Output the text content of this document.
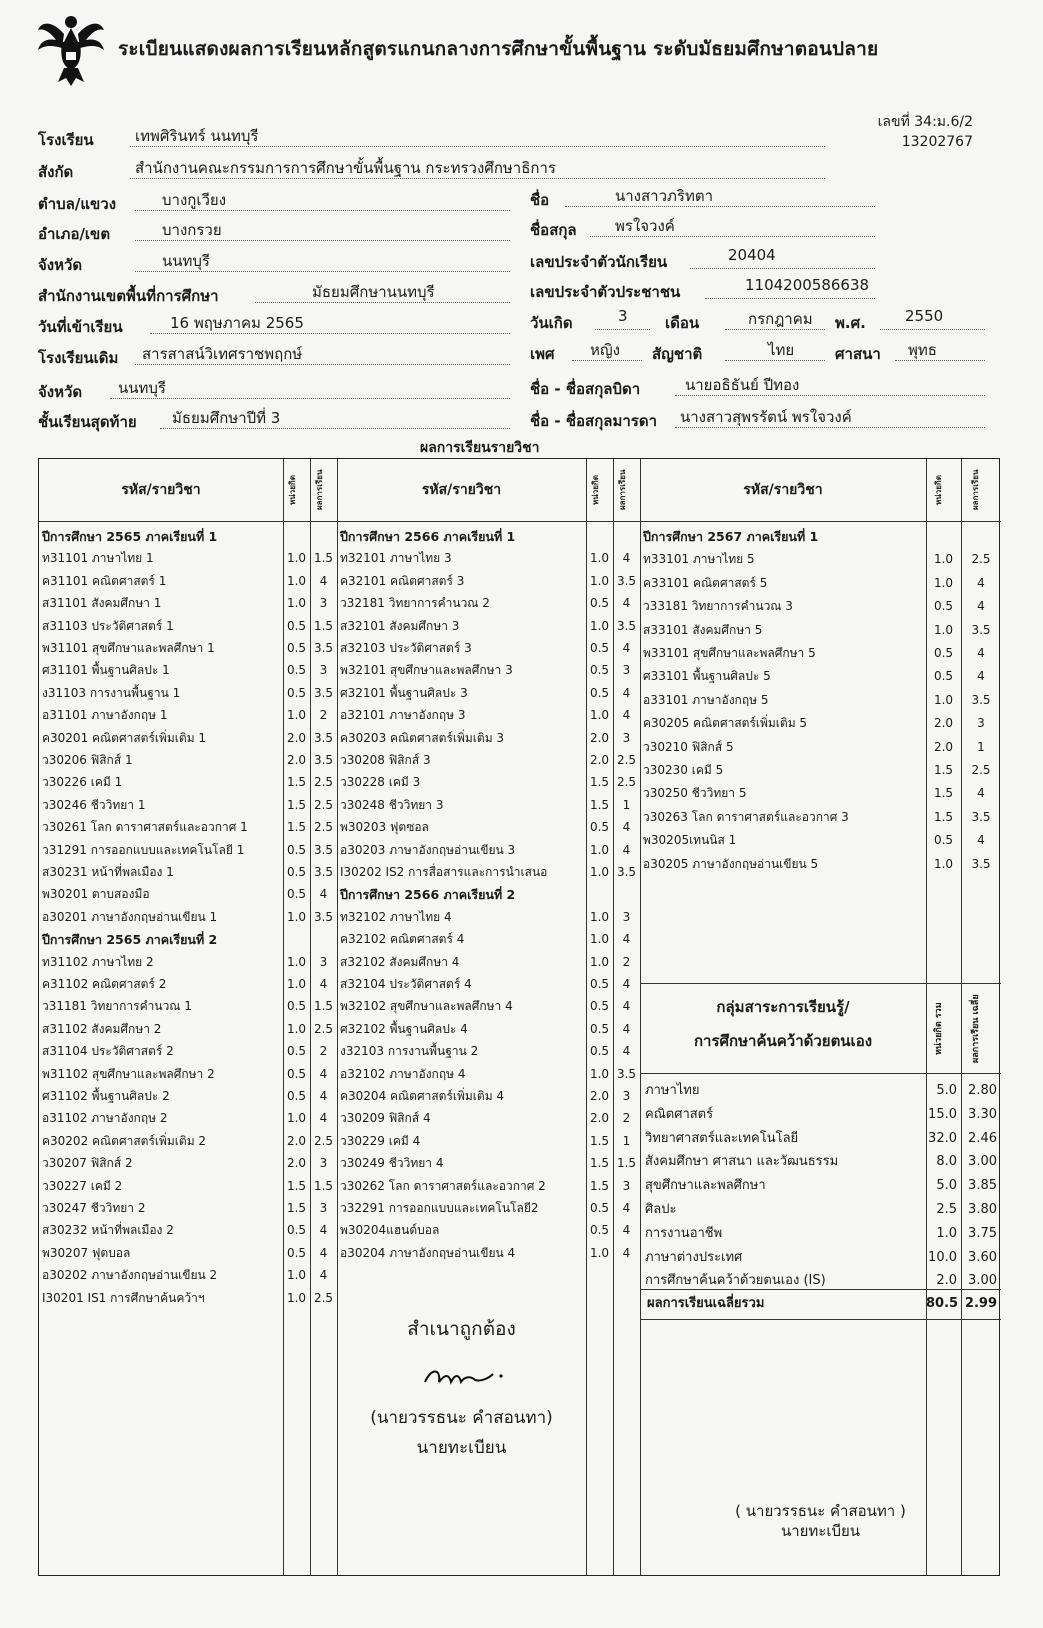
ระเบียนแสดงผลการเรียนหลักสูตรแกนกลางการศึกษาขั้นพื้นฐาน ระดับมัธยมศึกษาตอนปลาย
เลขที่ 34:ม.6/2
13202767
โรงเรียน	เทพศิรินทร์ นนทบุรี
สังกัด	สำนักงานคณะกรรมการการศึกษาขั้นพื้นฐาน กระทรวงศึกษาธิการ
ตำบล/แขวง	บางกูเวียง
อำเภอ/เขต	บางกรวย
จังหวัด	นนทบุรี
สำนักงานเขตพื้นที่การศึกษา	มัธยมศึกษานนทบุรี
วันที่เข้าเรียน	16 พฤษภาคม 2565
โรงเรียนเดิม สารสาสน์วิเทศราชพฤกษ์
จังหวัด นนทบุรี
ชั้นเรียนสุดท้าย มัธยมศึกษาปีที่ 3
ชื่อ	นางสาวภริทตา
ชื่อสกุล	พรใจวงค์
เลขประจำตัวนักเรียน	20404
เลขประจำตัวประชาชน	1104200586638
วันเกิด	3 เดือน	กรกฎาคม พ.ศ.	2550
เพศ หญิง สัญชาติ	ไทย	ศาสนา พุทธ
ชื่อ - ชื่อสกุลบิดา	นายอธิธันย์ ปีทอง
ชื่อ - ชื่อสกุลมารดา นางสาวสุพรรัตน์ พรใจวงค์
ผลการเรียนรายวิชา
รหัส/รายวิชา	หน่วยกิต	ผลการเรียน	รหัส/รายวิชา	หน่วยกิต	ผลการเรียน	รหัส/รายวิชา	หน่วยกิต	ผลการเรียน
ปีการศึกษา 2565 ภาคเรียนที่ 1
ท31101 ภาษาไทย 1	1.0 1.5
ค31101 คณิตศาสตร์ 1	1.0	4
ส31101 สังคมศึกษา 1	1.0	3
ส31103 ประวัติศาสตร์ 1	0.5 1.5
พ31101 สุขศึกษาและพลศึกษา 1	0.5 3.5
ศ31101 พื้นฐานศิลปะ 1	0.5	3
ง31103 การงานพื้นฐาน 1	0.5 3.5
อ31101 ภาษาอังกฤษ 1	1.0	2
ค30201 คณิตศาสตร์เพิ่มเติม 1	2.0 3.5
ว30206 ฟิสิกส์ 1	2.0 3.5
ว30226 เคมี 1	1.5 2.5
ว30246 ชีววิทยา 1	1.5 2.5
ว30261 โลก ดาราศาสตร์และอวกาศ 1	1.5 2.5
ว31291 การออกแบบและเทคโนโลยี 1	0.5 3.5
ส30231 หน้าที่พลเมือง 1	0.5 3.5
พ30201 ตาบสองมือ	0.5	4
อ30201 ภาษาอังกฤษอ่านเขียน 1	1.0 3.5
ปีการศึกษา 2565 ภาคเรียนที่ 2
ท31102 ภาษาไทย 2	1.0	3
ค31102 คณิตศาสตร์ 2	1.0	4
ว31181 วิทยาการคำนวณ 1	0.5 1.5
ส31102 สังคมศึกษา 2	1.0 2.5
ส31104 ประวัติศาสตร์ 2	0.5	2
พ31102 สุขศึกษาและพลศึกษา 2	0.5	4
ศ31102 พื้นฐานศิลปะ 2	0.5	4
อ31102 ภาษาอังกฤษ 2	1.0	4
ค30202 คณิตศาสตร์เพิ่มเติม 2	2.0 2.5
ว30207 ฟิสิกส์ 2	2.0	3
ว30227 เคมี 2	1.5 1.5
ว30247 ชีววิทยา 2	1.5	3
ส30232 หน้าที่พลเมือง 2	0.5	4
พ30207 ฟุตบอล	0.5	4
อ30202 ภาษาอังกฤษอ่านเขียน 2	1.0	4
I30201 IS1 การศึกษาค้นคว้าฯ	1.0 2.5
ปีการศึกษา 2566 ภาคเรียนที่ 1
ท32101 ภาษาไทย 3	1.0	4
ค32101 คณิตศาสตร์ 3	1.0 3.5
ว32181 วิทยาการคำนวณ 2	0.5	4
ส32101 สังคมศึกษา 3	1.0 3.5
ส32103 ประวัติศาสตร์ 3	0.5	4
พ32101 สุขศึกษาและพลศึกษา 3	0.5	3
ศ32101 พื้นฐานศิลปะ 3	0.5	4
อ32101 ภาษาอังกฤษ 3	1.0	4
ค30203 คณิตศาสตร์เพิ่มเติม 3	2.0	3
ว30208 ฟิสิกส์ 3	2.0 2.5
ว30228 เคมี 3	1.5 2.5
ว30248 ชีววิทยา 3	1.5	1
พ30203 ฟุตซอล	0.5	4
อ30203 ภาษาอังกฤษอ่านเขียน 3	1.0	4
I30202 IS2 การสื่อสารและการนำเสนอ	1.0 3.5
ปีการศึกษา 2566 ภาคเรียนที่ 2
ท32102 ภาษาไทย 4	1.0	3
ค32102 คณิตศาสตร์ 4	1.0	4
ส32102 สังคมศึกษา 4	1.0	2
ส32104 ประวัติศาสตร์ 4	0.5	4
พ32102 สุขศึกษาและพลศึกษา 4	0.5	4
ศ32102 พื้นฐานศิลปะ 4	0.5	4
ง32103 การงานพื้นฐาน 2	0.5	4
อ32102 ภาษาอังกฤษ 4	1.0 3.5
ค30204 คณิตศาสตร์เพิ่มเติม 4	2.0	3
ว30209 ฟิสิกส์ 4	2.0	2
ว30229 เคมี 4	1.5	1
ว30249 ชีววิทยา 4	1.5 1.5
ว30262 โลก ดาราศาสตร์และอวกาศ 2	1.5	3
ว32291 การออกแบบและเทคโนโลยี2	0.5	4
พ30204แฮนด์บอล	0.5	4
อ30204 ภาษาอังกฤษอ่านเขียน 4	1.0	4
ปีการศึกษา 2567 ภาคเรียนที่ 1
ท33101 ภาษาไทย 5	1.0	2.5
ค33101 คณิตศาสตร์ 5	1.0	4
ว33181 วิทยาการคำนวณ 3	0.5	4
ส33101 สังคมศึกษา 5	1.0	3.5
พ33101 สุขศึกษาและพลศึกษา 5	0.5	4
ศ33101 พื้นฐานศิลปะ 5	0.5	4
อ33101 ภาษาอังกฤษ 5	1.0	3.5
ค30205 คณิตศาสตร์เพิ่มเติม 5	2.0	3
ว30210 ฟิสิกส์ 5	2.0	1
ว30230 เคมี 5	1.5	2.5
ว30250 ชีววิทยา 5	1.5	4
ว30263 โลก ดาราศาสตร์และอวกาศ 3	1.5	3.5
พ30205เทนนิส 1	0.5	4
อ30205 ภาษาอังกฤษอ่านเขียน 5	1.0	3.5
กลุ่มสาระการเรียนรู้/
การศึกษาค้นคว้าด้วยตนเอง	หน่วยกิต รวม	ผลการเรียน เฉลี่ย
ภาษาไทย	5.0 2.80
คณิตศาสตร์	15.0 3.30
วิทยาศาสตร์และเทคโนโลยี	32.0 2.46
สังคมศึกษา ศาสนา และวัฒนธรรม	8.0 3.00
สุขศึกษาและพลศึกษา	5.0 3.85
ศิลปะ	2.5 3.80
การงานอาชีพ	1.0 3.75
ภาษาต่างประเทศ	10.0 3.60
การศึกษาค้นคว้าด้วยตนเอง (IS)	2.0 3.00
ผลการเรียนเฉลี่ยรวม	80.5 2.99
สำเนาถูกต้อง
(นายวรรธนะ คำสอนทา)
นายทะเบียน
( นายวรรธนะ คำสอนทา )
นายทะเบียน
